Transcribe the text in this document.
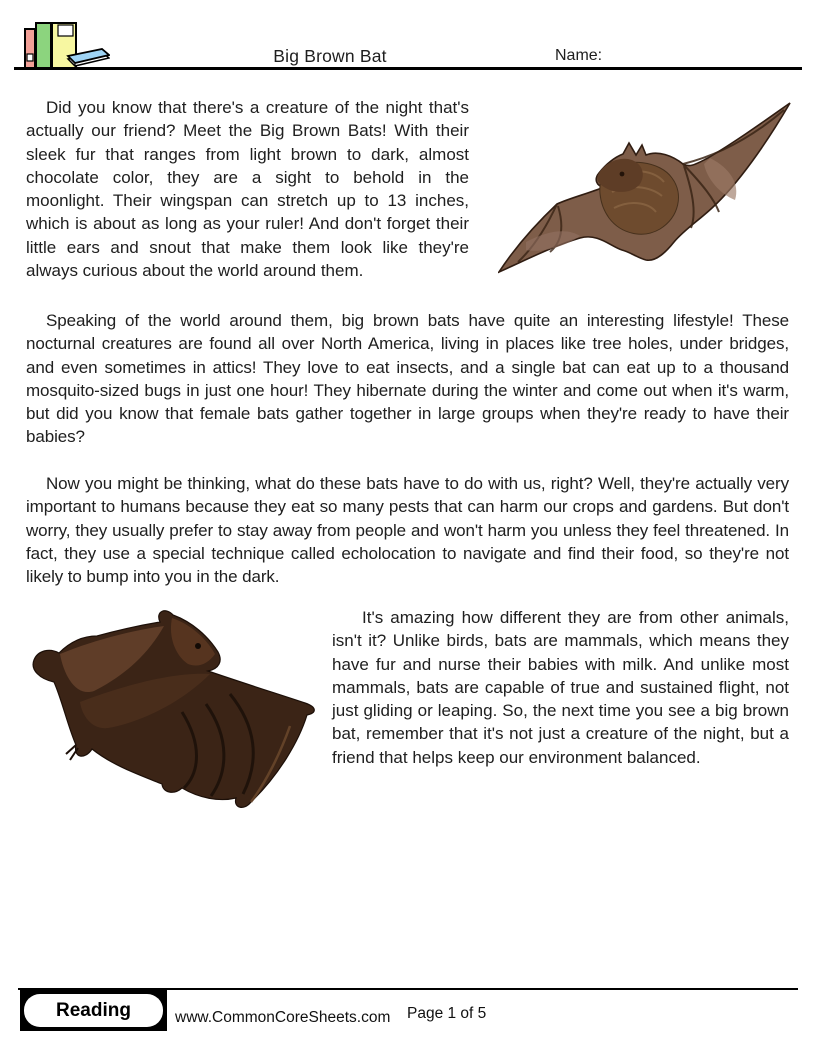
Big Brown Bat	Name:
Did you know that there's a creature of the night that's actually our friend? Meet the Big Brown Bats! With their sleek fur that ranges from light brown to dark, almost chocolate color, they are a sight to behold in the moonlight. Their wingspan can stretch up to 13 inches, which is about as long as your ruler! And don't forget their little ears and snout that make them look like they're always curious about the world around them.
Speaking of the world around them, big brown bats have quite an interesting lifestyle! These nocturnal creatures are found all over North America, living in places like tree holes, under bridges, and even sometimes in attics! They love to eat insects, and a single bat can eat up to a thousand mosquito-sized bugs in just one hour! They hibernate during the winter and come out when it's warm, but did you know that female bats gather together in large groups when they're ready to have their babies?
Now you might be thinking, what do these bats have to do with us, right? Well, they're actually very important to humans because they eat so many pests that can harm our crops and gardens. But don't worry, they usually prefer to stay away from people and won't harm you unless they feel threatened. In fact, they use a special technique called echolocation to navigate and find their food, so they're not likely to bump into you in the dark.
It's amazing how different they are from other animals, isn't it? Unlike birds, bats are mammals, which means they have fur and nurse their babies with milk. And unlike most mammals, bats are capable of true and sustained flight, not just gliding or leaping. So, the next time you see a big brown bat, remember that it's not just a creature of the night, but a friend that helps keep our environment balanced.
Reading	www.CommonCoreSheets.com Page 1 of 5
